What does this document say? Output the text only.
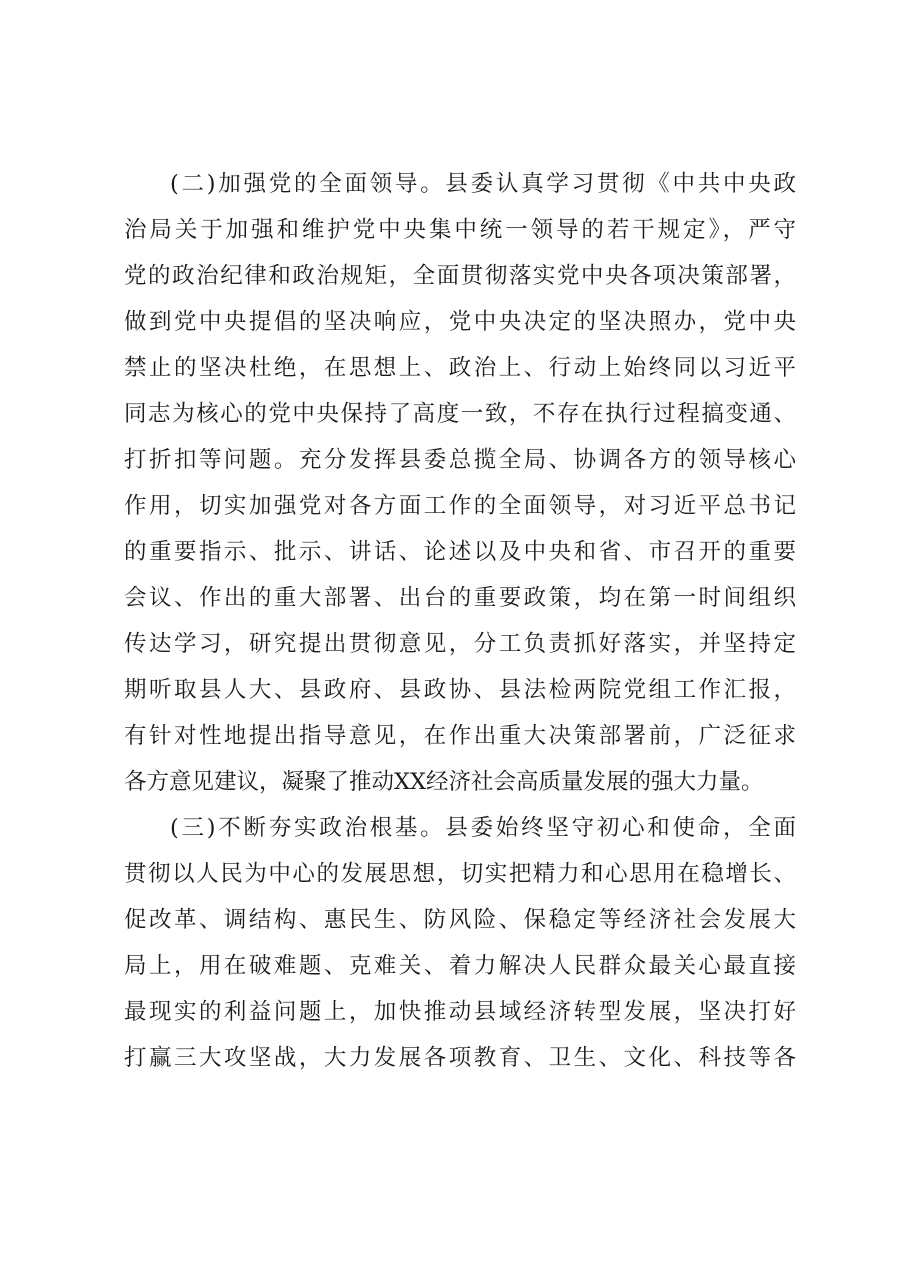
(二)加强党的全面领导。县委认真学习贯彻《中共中央政
治局关于加强和维护党中央集中统一领导的若干规定》，严守
党的政治纪律和政治规矩，全面贯彻落实党中央各项决策部署，
做到党中央提倡的坚决响应，党中央决定的坚决照办，党中央
禁止的坚决杜绝，在思想上、政治上、行动上始终同以习近平
同志为核心的党中央保持了高度一致，不存在执行过程搞变通、
打折扣等问题。充分发挥县委总揽全局、协调各方的领导核心
作用，切实加强党对各方面工作的全面领导，对习近平总书记
的重要指示、批示、讲话、论述以及中央和省、市召开的重要
会议、作出的重大部署、出台的重要政策，均在第一时间组织
传达学习，研究提出贯彻意见，分工负责抓好落实，并坚持定
期听取县人大、县政府、县政协、县法检两院党组工作汇报，
有针对性地提出指导意见，在作出重大决策部署前，广泛征求
各方意见建议，凝聚了推动XX经济社会高质量发展的强大力量。
(三)不断夯实政治根基。县委始终坚守初心和使命，全面
贯彻以人民为中心的发展思想，切实把精力和心思用在稳增长、
促改革、调结构、惠民生、防风险、保稳定等经济社会发展大
局上，用在破难题、克难关、着力解决人民群众最关心最直接
最现实的利益问题上，加快推动县域经济转型发展，坚决打好
打赢三大攻坚战，大力发展各项教育、卫生、文化、科技等各
